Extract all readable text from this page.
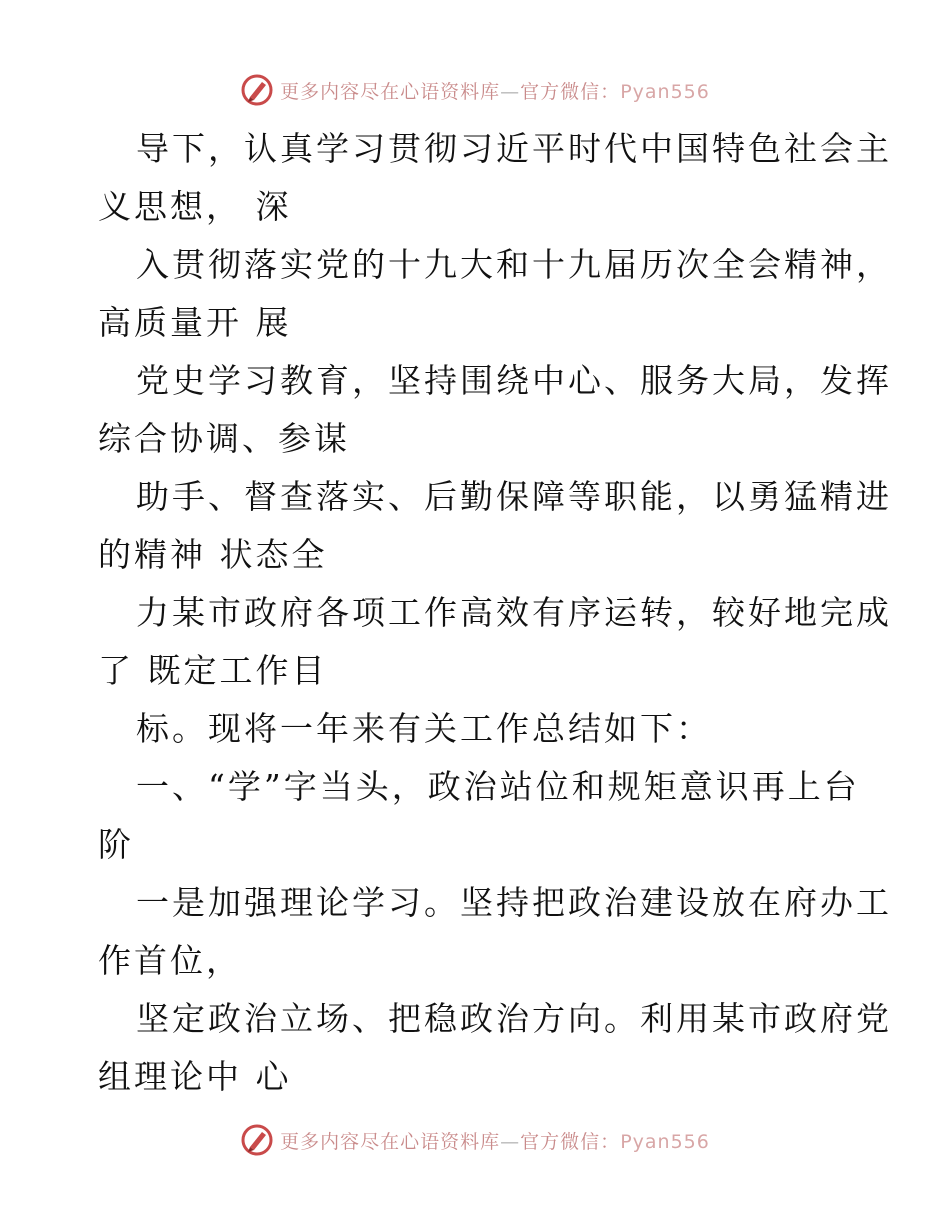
更多内容尽在心语资料库—官方微信：Pyan556
导下，认真学习贯彻习近平时代中国特色社会主
义思想， 深
入贯彻落实党的十九大和十九届历次全会精神，
高质量开 展
党史学习教育，坚持围绕中心、服务大局，发挥
综合协调、参谋
助手、督查落实、后勤保障等职能，以勇猛精进
的精神 状态全
力某市政府各项工作高效有序运转，较好地完成
了 既定工作目
标。现将一年来有关工作总结如下：
一、“学”字当头，政治站位和规矩意识再上台
阶
一是加强理论学习。坚持把政治建设放在府办工
作首位，
坚定政治立场、把稳政治方向。利用某市政府党
组理论中 心
更多内容尽在心语资料库—官方微信：Pyan556
